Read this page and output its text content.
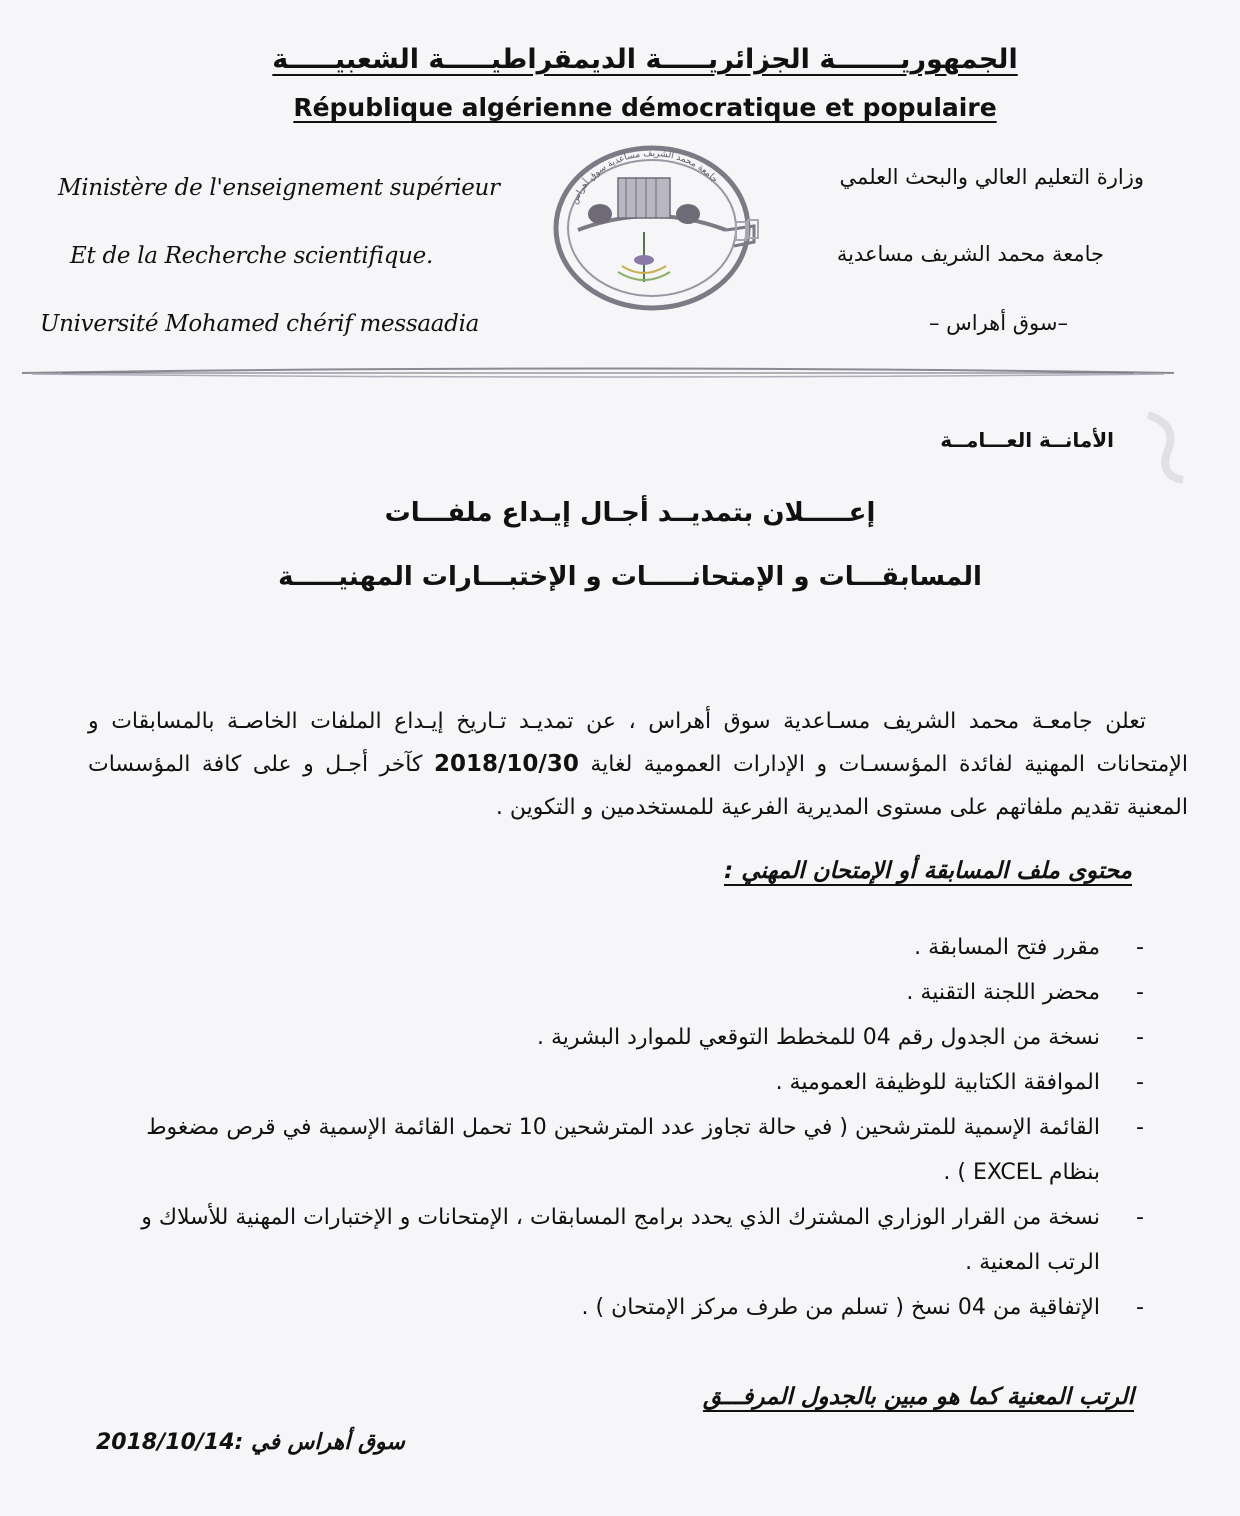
الجمهوريـــــــة الجزائريـــــة الديمقراطيـــــة الشعبيـــــة
République algérienne démocratique et populaire
Ministère de l'enseignement supérieur
Et de la Recherche scientifique.
Université Mohamed chérif messaadia
وزارة التعليم العالي والبحث العلمي
جامعة محمد الشريف مساعدية
–سوق أهراس –
جامعة محمد الشريف مساعدية سوق أهراس
الأمانــة العـــامــة
إعـــــلان بتمديــد أجـال إيـداع ملفـــات
المسابقـــات و الإمتحانـــــات و الإختبـــارات المهنيـــــة
تعلن جامعـة محمد الشريف مسـاعدية سوق أهراس ، عن تمديـد تـاريخ إيـداع الملفات الخاصـة بالمسابقات و الإمتحانات المهنية لفائدة المؤسسـات و الإدارات العمومية لغاية 2018/10/30 كآخر أجـل و على كافة المؤسسات المعنية تقديم ملفاتهم على مستوى المديرية الفرعية للمستخدمين و التكوين .
محتوى ملف المسابقة أو الإمتحان المهني :
- مقرر فتح المسابقة .
- محضر اللجنة التقنية .
- نسخة من الجدول رقم 04 للمخطط التوقعي للموارد البشرية .
- الموافقة الكتابية للوظيفة العمومية .
- القائمة الإسمية للمترشحين ( في حالة تجاوز عدد المترشحين 10 تحمل القائمة الإسمية في قرص مضغوط بنظام EXCEL ) .
- نسخة من القرار الوزاري المشترك الذي يحدد برامج المسابقات ، الإمتحانات و الإختبارات المهنية للأسلاك و الرتب المعنية .
- الإتفاقية من 04 نسخ ( تسلم من طرف مركز الإمتحان ) .
الرتب المعنية كما هو مبين بالجدول المرفـــق
سوق أهراس في :2018/10/14
